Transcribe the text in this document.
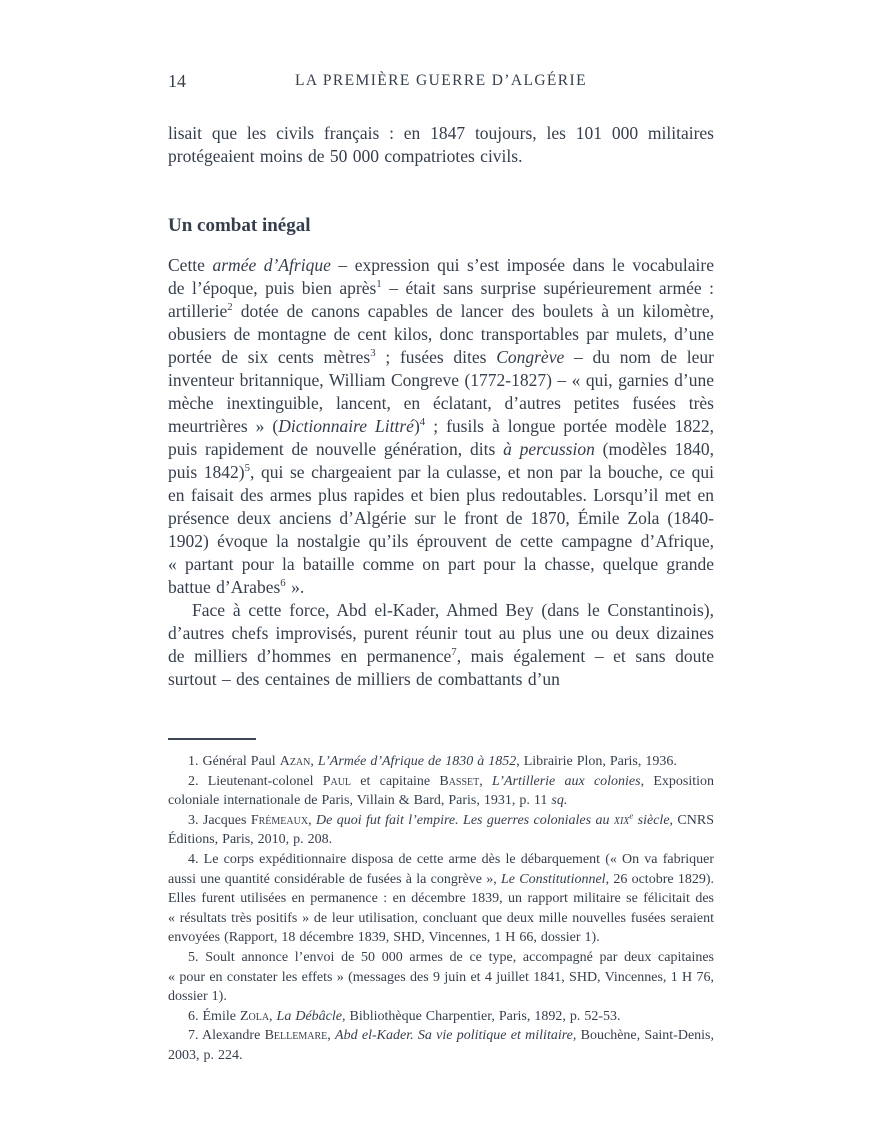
14	LA PREMIÈRE GUERRE D’ALGÉRIE

lisait que les civils français : en 1847 toujours, les 101 000 militaires protégeaient moins de 50 000 compatriotes civils.

Un combat inégal

Cette armée d’Afrique – expression qui s’est imposée dans le vocabulaire de l’époque, puis bien après$^1$ – était sans surprise supérieurement armée : artillerie$^2$ dotée de canons capables de lancer des boulets à un kilomètre, obusiers de montagne de cent kilos, donc transportables par mulets, d’une portée de six cents mètres$^3$ ; fusées dites Congrève – du nom de leur inventeur britannique, William Congreve (1772-1827) – « qui, garnies d’une mèche inextinguible, lancent, en éclatant, d’autres petites fusées très meurtrières » (Dictionnaire Littré)$^4$ ; fusils à longue portée modèle 1822, puis rapidement de nouvelle génération, dits à percussion (modèles 1840, puis 1842)$^5$, qui se chargeaient par la culasse, et non par la bouche, ce qui en faisait des armes plus rapides et bien plus redoutables. Lorsqu’il met en présence deux anciens d’Algérie sur le front de 1870, Émile Zola (1840-1902) évoque la nostalgie qu’ils éprouvent de cette campagne d’Afrique, « partant pour la bataille comme on part pour la chasse, quelque grande battue d’Arabes$^6$ ».

Face à cette force, Abd el-Kader, Ahmed Bey (dans le Constantinois), d’autres chefs improvisés, purent réunir tout au plus une ou deux dizaines de milliers d’hommes en permanence$^7$, mais également – et sans doute surtout – des centaines de milliers de combattants d’un

1. Général Paul Azan, L’Armée d’Afrique de 1830 à 1852, Librairie Plon, Paris, 1936.

2. Lieutenant-colonel Paul et capitaine Basset, L’Artillerie aux colonies, Exposition coloniale internationale de Paris, Villain & Bard, Paris, 1931, p. 11 sq.

3. Jacques Frémeaux, De quoi fut fait l’empire. Les guerres coloniales au xix$^e$ siècle, CNRS Éditions, Paris, 2010, p. 208.

4. Le corps expéditionnaire disposa de cette arme dès le débarquement (« On va fabriquer aussi une quantité considérable de fusées à la congrève », Le Constitutionnel, 26 octobre 1829). Elles furent utilisées en permanence : en décembre 1839, un rapport militaire se félicitait des « résultats très positifs » de leur utilisation, concluant que deux mille nouvelles fusées seraient envoyées (Rapport, 18 décembre 1839, SHD, Vincennes, 1 H 66, dossier 1).

5. Soult annonce l’envoi de 50 000 armes de ce type, accompagné par deux capitaines « pour en constater les effets » (messages des 9 juin et 4 juillet 1841, SHD, Vincennes, 1 H 76, dossier 1).

6. Émile Zola, La Débâcle, Bibliothèque Charpentier, Paris, 1892, p. 52-53.

7. Alexandre Bellemare, Abd el-Kader. Sa vie politique et militaire, Bouchène, Saint-Denis, 2003, p. 224.
